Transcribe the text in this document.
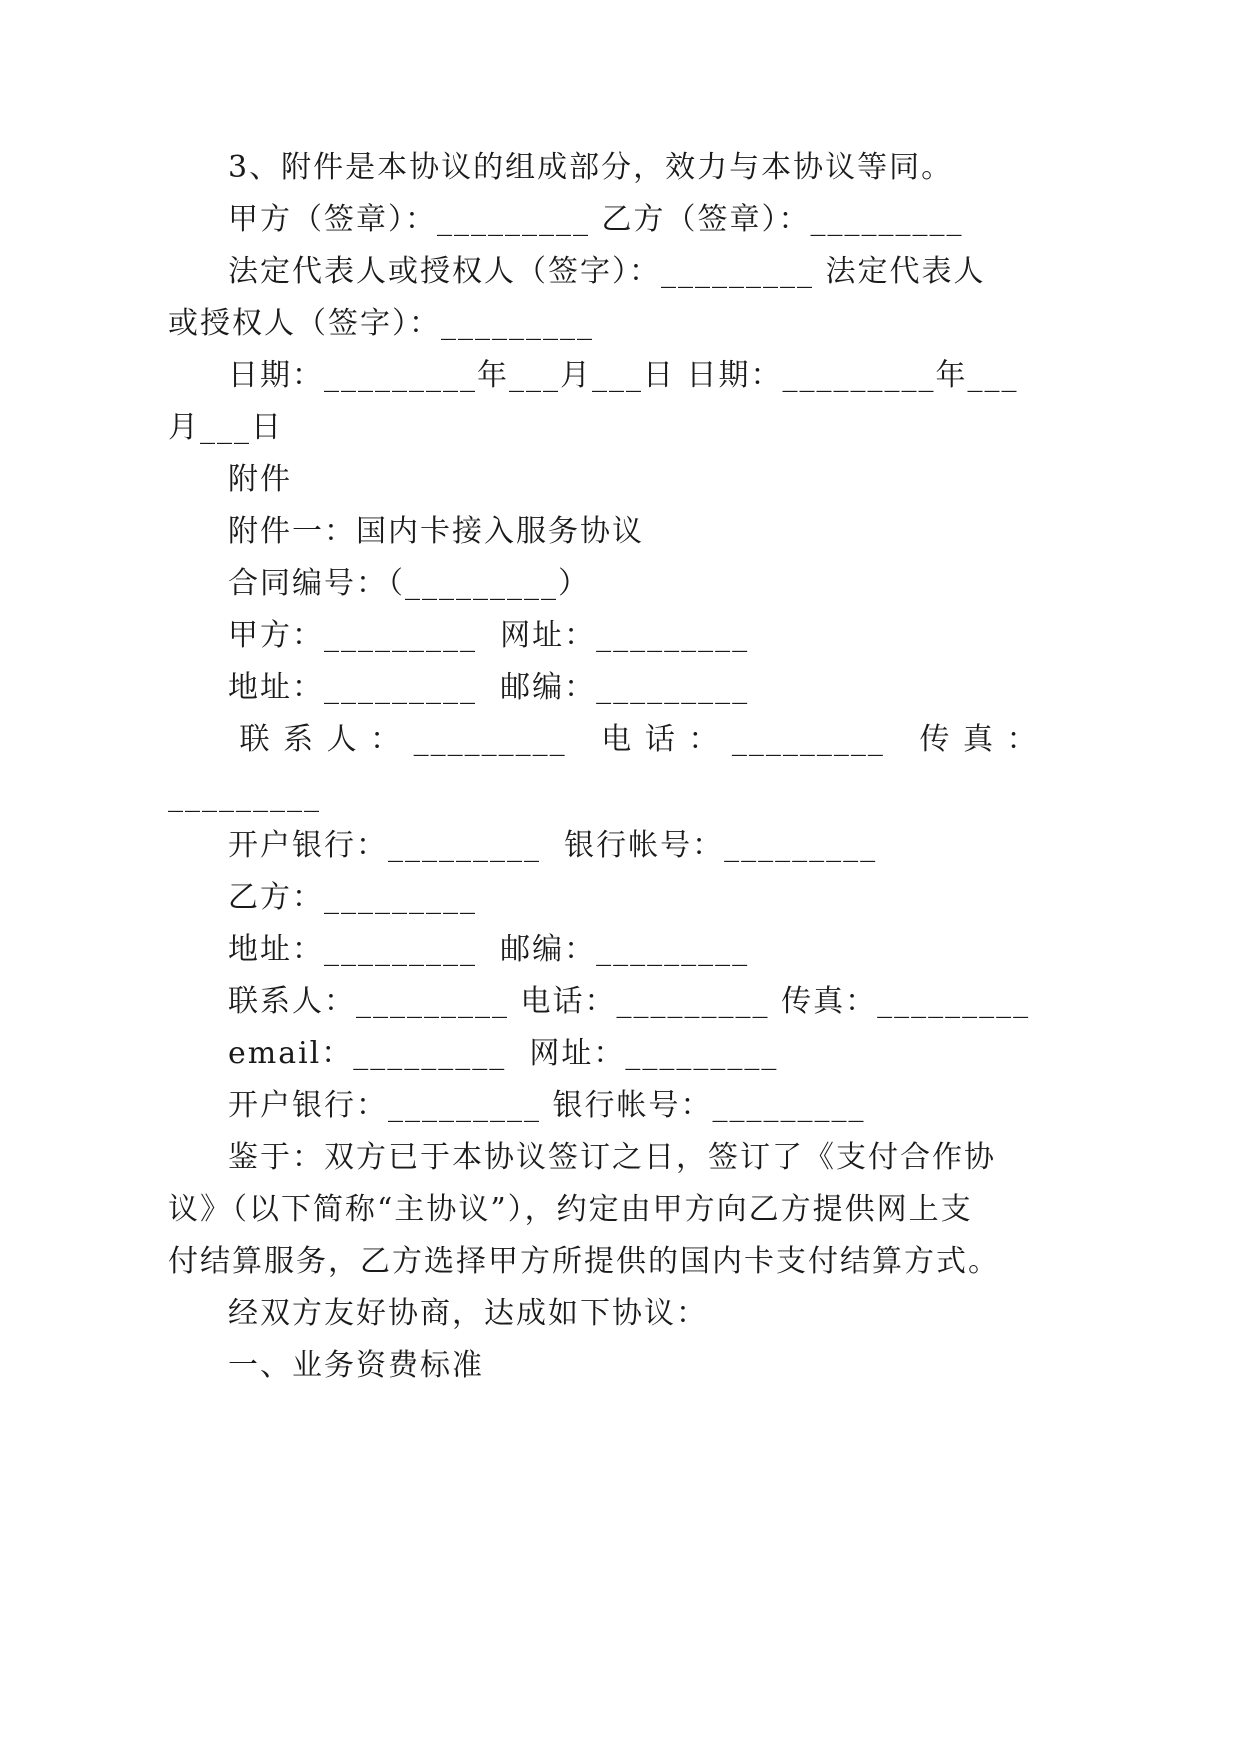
3、附件是本协议的组成部分，效力与本协议等同。
甲方（签章）：_________ 乙方（签章）：_________
法定代表人或授权人（签字）：_________ 法定代表人
或授权人（签字）：_________
日期：_________年___月___日 日期：_________年___
月___日
附件
附件一：国内卡接入服务协议
合同编号：（_________）
甲方：_________  网址：_________
地址：_________  邮编：_________
联 系 人 ： _________   电 话 ： _________   传 真 ：
_________
开户银行：_________  银行帐号：_________
乙方：_________
地址：_________  邮编：_________
联系人：_________ 电话：_________ 传真：_________
email：_________  网址：_________
开户银行：_________ 银行帐号：_________
鉴于：双方已于本协议签订之日，签订了《支付合作协
议》（以下简称“主协议”），约定由甲方向乙方提供网上支
付结算服务，乙方选择甲方所提供的国内卡支付结算方式。
经双方友好协商，达成如下协议：
一、业务资费标准
